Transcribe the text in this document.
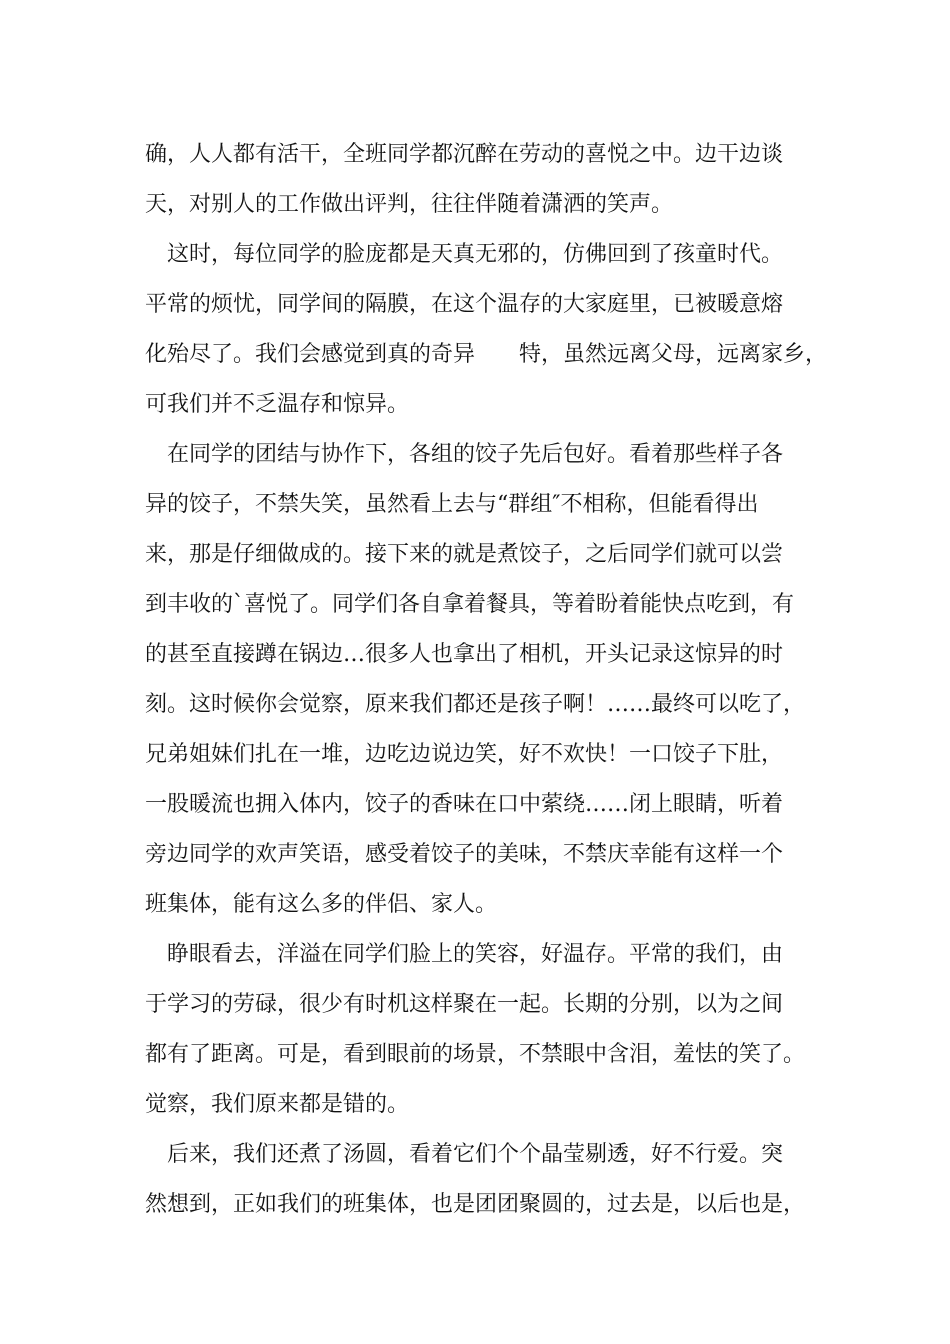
确，人人都有活干，全班同学都沉醉在劳动的喜悦之中。边干边谈
天，对别人的工作做出评判，往往伴随着潇洒的笑声。
这时，每位同学的脸庞都是天真无邪的，仿佛回到了孩童时代。
平常的烦忧，同学间的隔膜，在这个温存的大家庭里，已被暖意熔
化殆尽了。我们会感觉到真的奇异　　特，虽然远离父母，远离家乡，
可我们并不乏温存和惊异。
在同学的团结与协作下，各组的饺子先后包好。看着那些样子各
异的饺子，不禁失笑，虽然看上去与“群组″不相称，但能看得出
来，那是仔细做成的。接下来的就是煮饺子，之后同学们就可以尝
到丰收的`喜悦了。同学们各自拿着餐具，等着盼着能快点吃到，有
的甚至直接蹲在锅边…很多人也拿出了相机，开头记录这惊异的时
刻。这时候你会觉察，原来我们都还是孩子啊！……最终可以吃了，
兄弟姐妹们扎在一堆，边吃边说边笑，好不欢快！一口饺子下肚，
一股暖流也拥入体内，饺子的香味在口中萦绕……闭上眼睛，听着
旁边同学的欢声笑语，感受着饺子的美味，不禁庆幸能有这样一个
班集体，能有这么多的伴侣、家人。
睁眼看去，洋溢在同学们脸上的笑容，好温存。平常的我们，由
于学习的劳碌，很少有时机这样聚在一起。长期的分别，以为之间
都有了距离。可是，看到眼前的场景，不禁眼中含泪，羞怯的笑了。
觉察，我们原来都是错的。
后来，我们还煮了汤圆，看着它们个个晶莹剔透，好不行爱。突
然想到，正如我们的班集体，也是团团聚圆的，过去是，以后也是，
